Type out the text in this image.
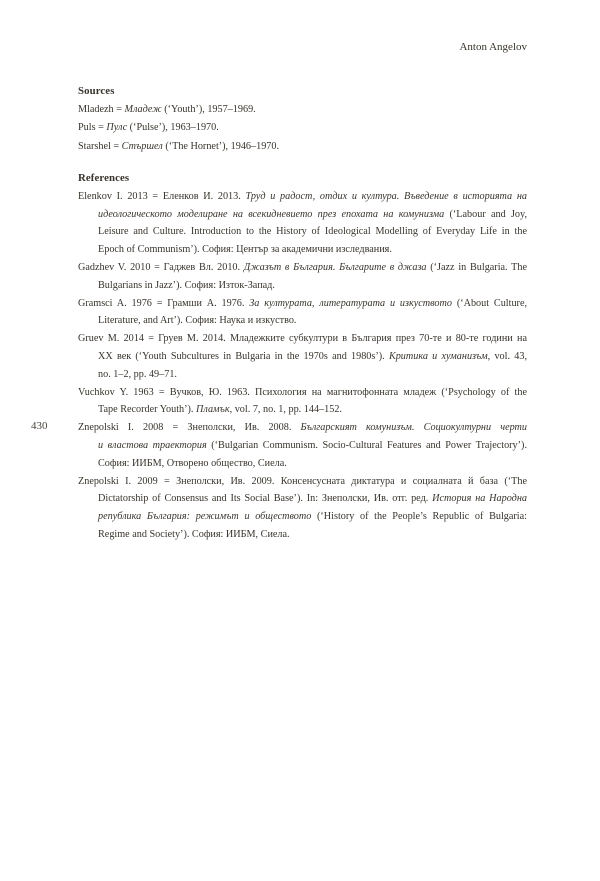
Anton Angelov
Sources
Mladezh = Младеж (‘Youth’), 1957–1969.
Puls = Пулс (‘Pulse’), 1963–1970.
Starshel = Стършел (‘The Hornet’), 1946–1970.
References
Elenkov I. 2013 = Еленков И. 2013. Труд и радост, отдих и култура. Въведение в историята на
идеологическото моделиране на всекидневието през епохата на комунизма (‘Labour and Joy,
Leisure and Culture. Introduction to the History of Ideological Modelling of Everyday Life in the
Epoch of Communism’). София: Център за академични изследвания.
Gadzhev V. 2010 = Гаджев Вл. 2010. Джазът в България. Българите в джаза (‘Jazz in Bulgaria. The
Bulgarians in Jazz’). София: Изток-Запад.
Gramsci A. 1976 = Грамши А. 1976. За културата, литературата и изкуството (‘About Culture,
Literature, and Art’). София: Наука и изкуство.
Gruev M. 2014 = Груев М. 2014. Младежките субкултури в България през 70-те и 80-те години на
XX век (‘Youth Subcultures in Bulgaria in the 1970s and 1980s’). Критика и хуманизъм, vol. 43,
no. 1–2, pp. 49–71.
Vuchkov Y. 1963 = Вучков, Ю. 1963. Психология на магнитофонната младеж (‘Psychology of the
Tape Recorder Youth’). Пламък, vol. 7, no. 1, pp. 144–152.
Znepolski I. 2008 = Знеполски, Ив. 2008. Българският комунизъм. Социокултурни черти
и властова траектория (‘Bulgarian Communism. Socio-Cultural Features and Power Trajectory’).
София: ИИБМ, Отворено общество, Сиела.
Znepolski I. 2009 = Знеполски, Ив. 2009. Консенсусната диктатура и социалната й база (‘The
Dictatorship of Consensus and Its Social Base’). In: Знеполски, Ив. отг. ред. История на Народна
република България: режимът и обществото (‘History of the People’s Republic of Bulgaria:
Regime and Society’). София: ИИБМ, Сиела.
430
